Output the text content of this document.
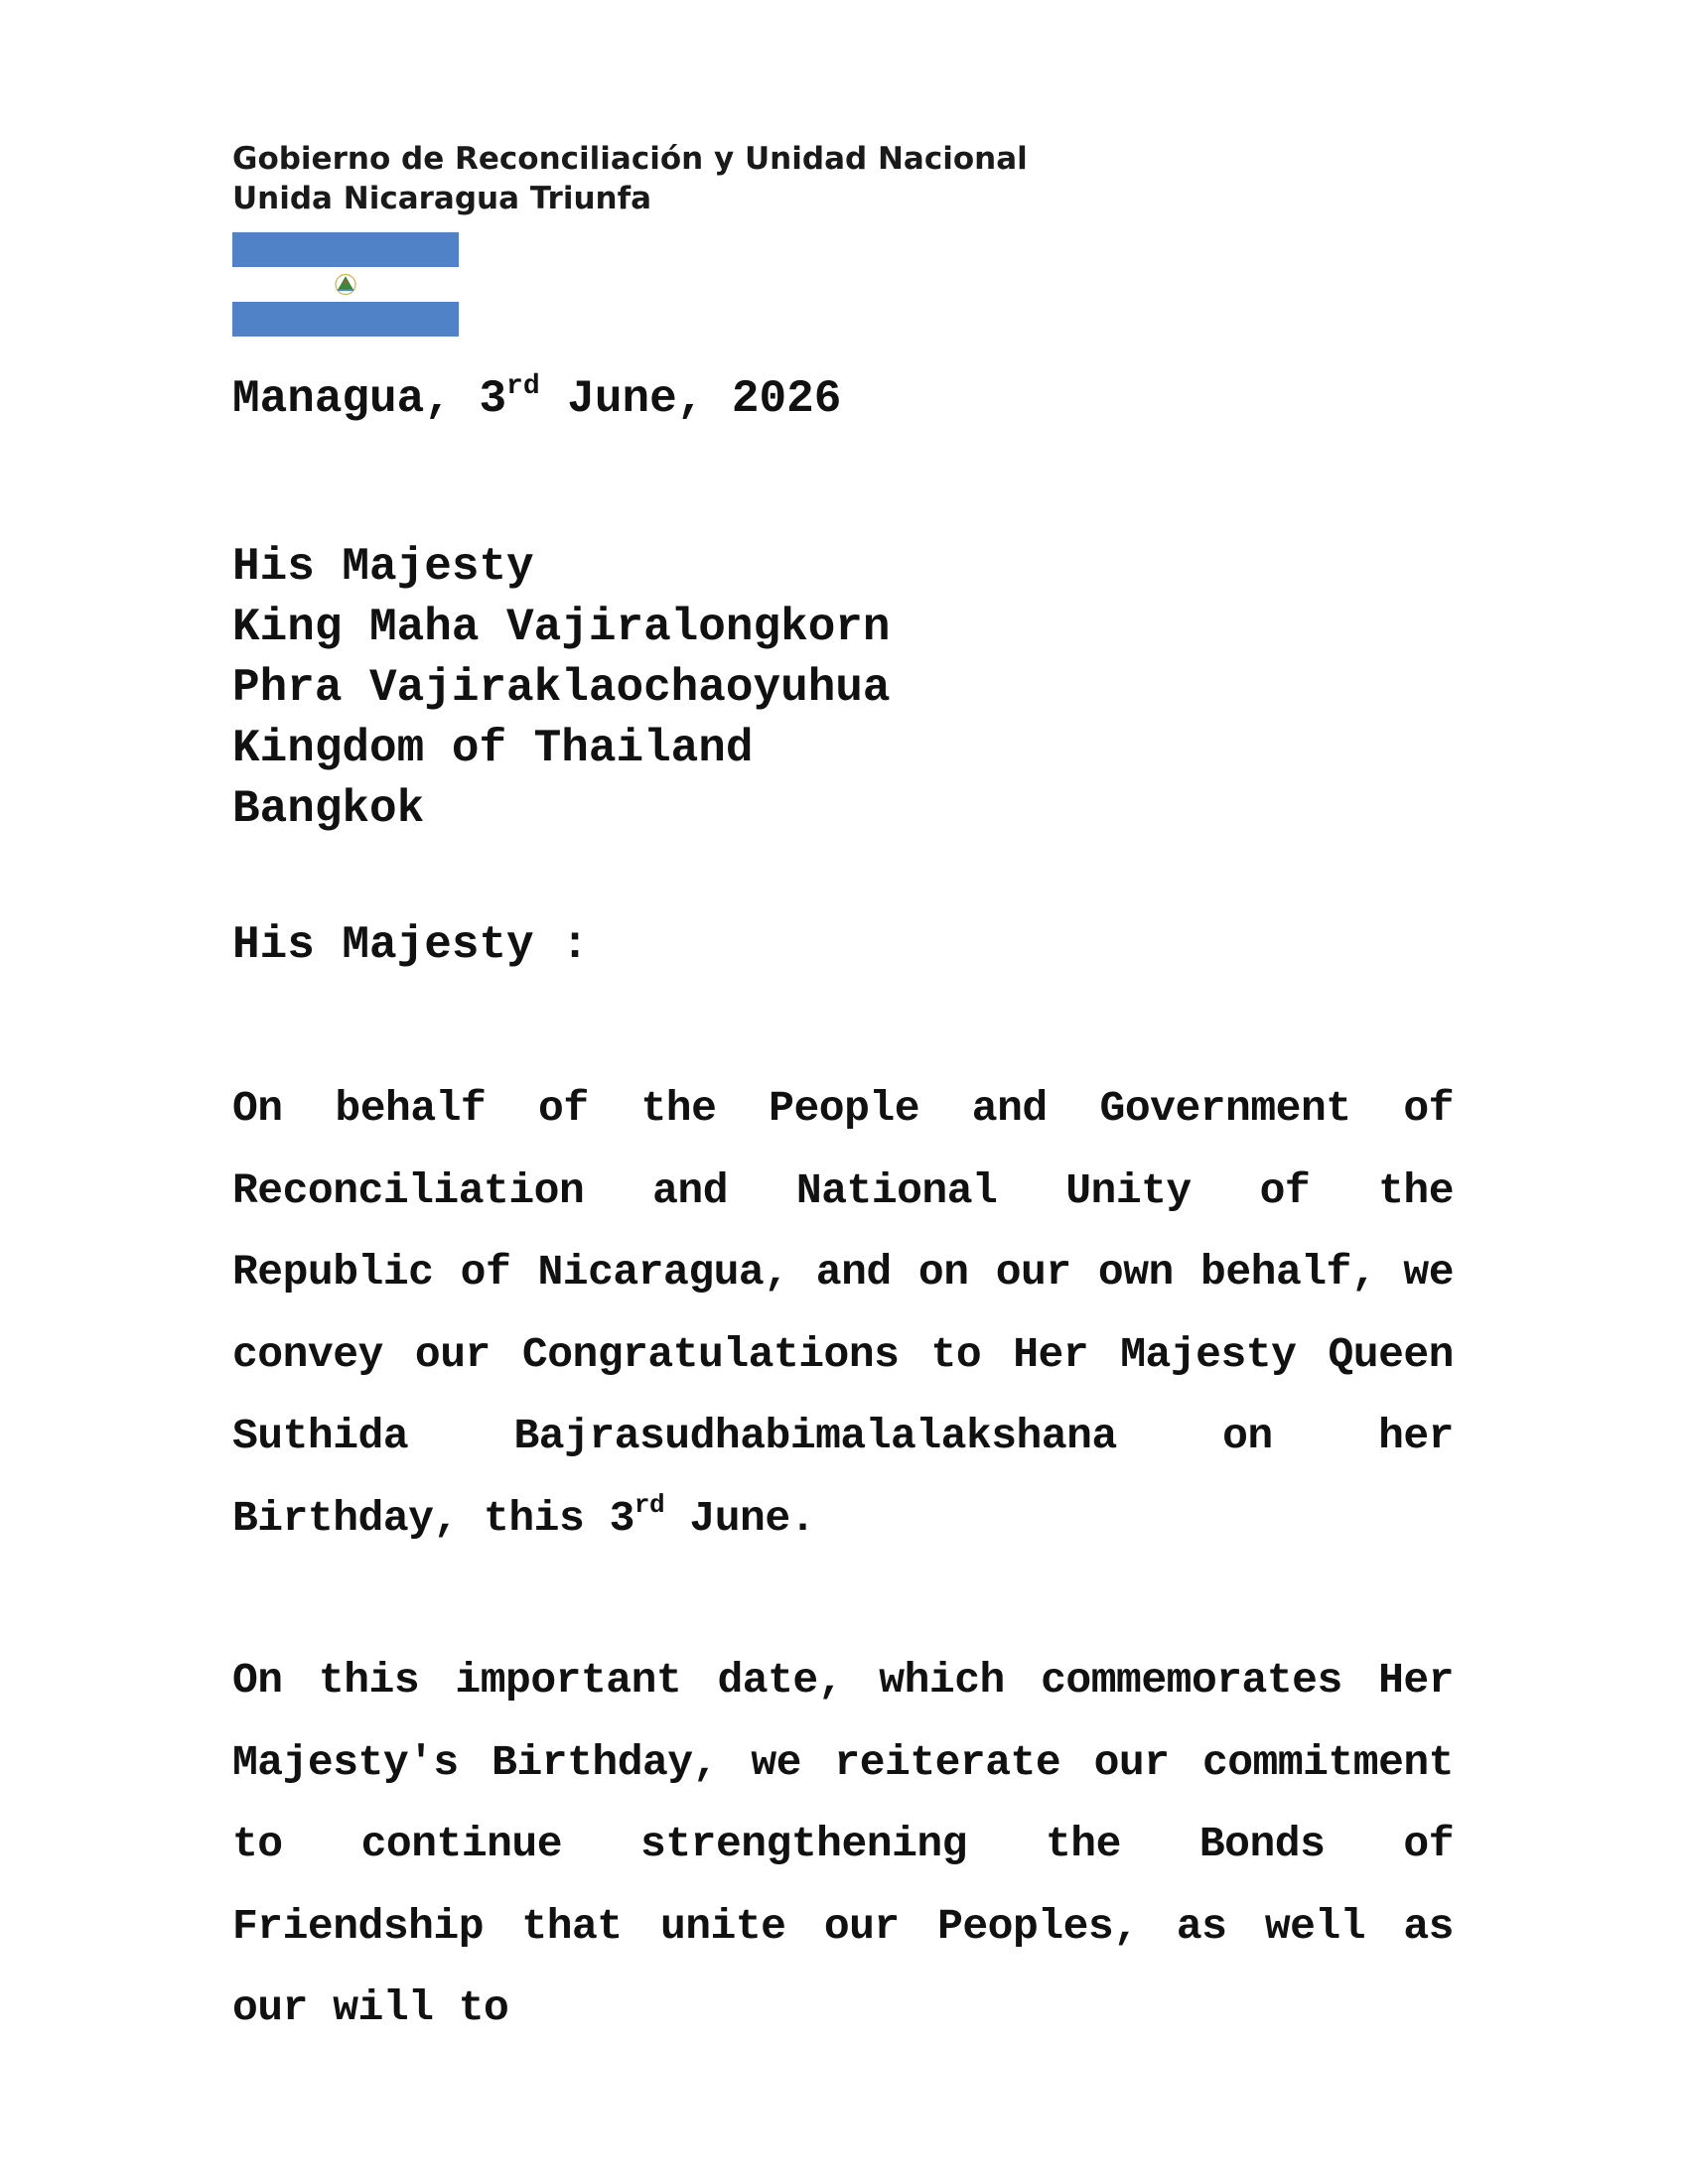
Gobierno de Reconciliación y Unidad Nacional
Unida Nicaragua Triunfa
Managua, 3rd June, 2026
His Majesty
King Maha Vajiralongkorn
Phra Vajiraklaochaoyuhua
Kingdom of Thailand
Bangkok
His Majesty :
On behalf of the People and Government of Reconciliation and National Unity of the Republic of Nicaragua, and on our own behalf, we convey our Congratulations to Her Majesty Queen Suthida Bajrasudhabimalalakshana on her Birthday, this 3rd June.
On this important date, which commemorates Her Majesty's Birthday, we reiterate our commitment to continue strengthening the Bonds of Friendship that unite our Peoples, as well as our will to
